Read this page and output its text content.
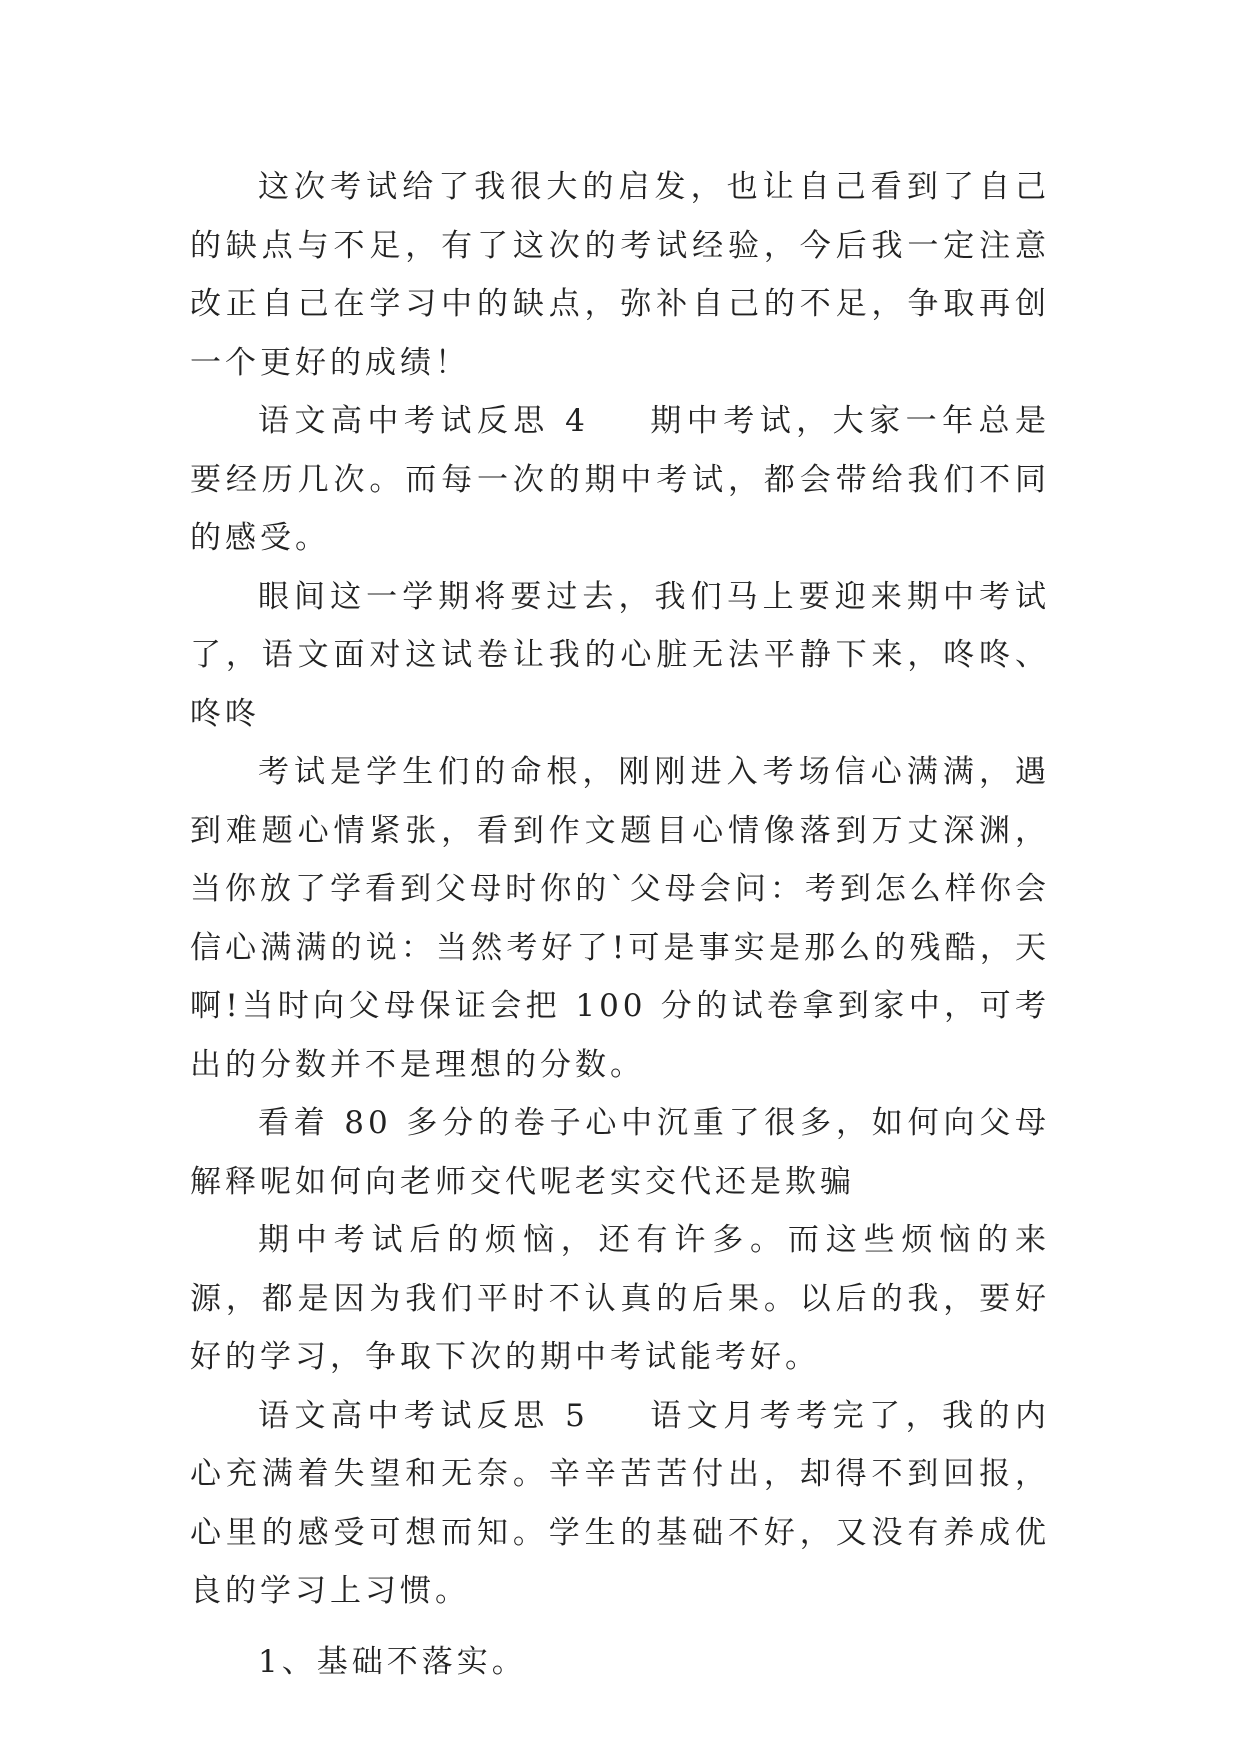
这次考试给了我很大的启发，也让自己看到了自己的缺点与不足，有了这次的考试经验，今后我一定注意改正自己在学习中的缺点，弥补自己的不足，争取再创一个更好的成绩！

语文高中考试反思 4 期中考试，大家一年总是要经历几次。而每一次的期中考试，都会带给我们不同的感受。

眼间这一学期将要过去，我们马上要迎来期中考试了，语文面对这试卷让我的心脏无法平静下来，咚咚、咚咚

考试是学生们的命根，刚刚进入考场信心满满，遇到难题心情紧张，看到作文题目心情像落到万丈深渊，当你放了学看到父母时你的`父母会问：考到怎么样你会信心满满的说：当然考好了!可是事实是那么的残酷，天啊!当时向父母保证会把 100 分的试卷拿到家中，可考出的分数并不是理想的分数。

看着 80 多分的卷子心中沉重了很多，如何向父母解释呢如何向老师交代呢老实交代还是欺骗

期中考试后的烦恼，还有许多。而这些烦恼的来源，都是因为我们平时不认真的后果。以后的我，要好好的学习，争取下次的期中考试能考好。

语文高中考试反思 5 语文月考考完了，我的内心充满着失望和无奈。辛辛苦苦付出，却得不到回报，心里的感受可想而知。学生的基础不好，又没有养成优良的学习上习惯。

1、基础不落实。
